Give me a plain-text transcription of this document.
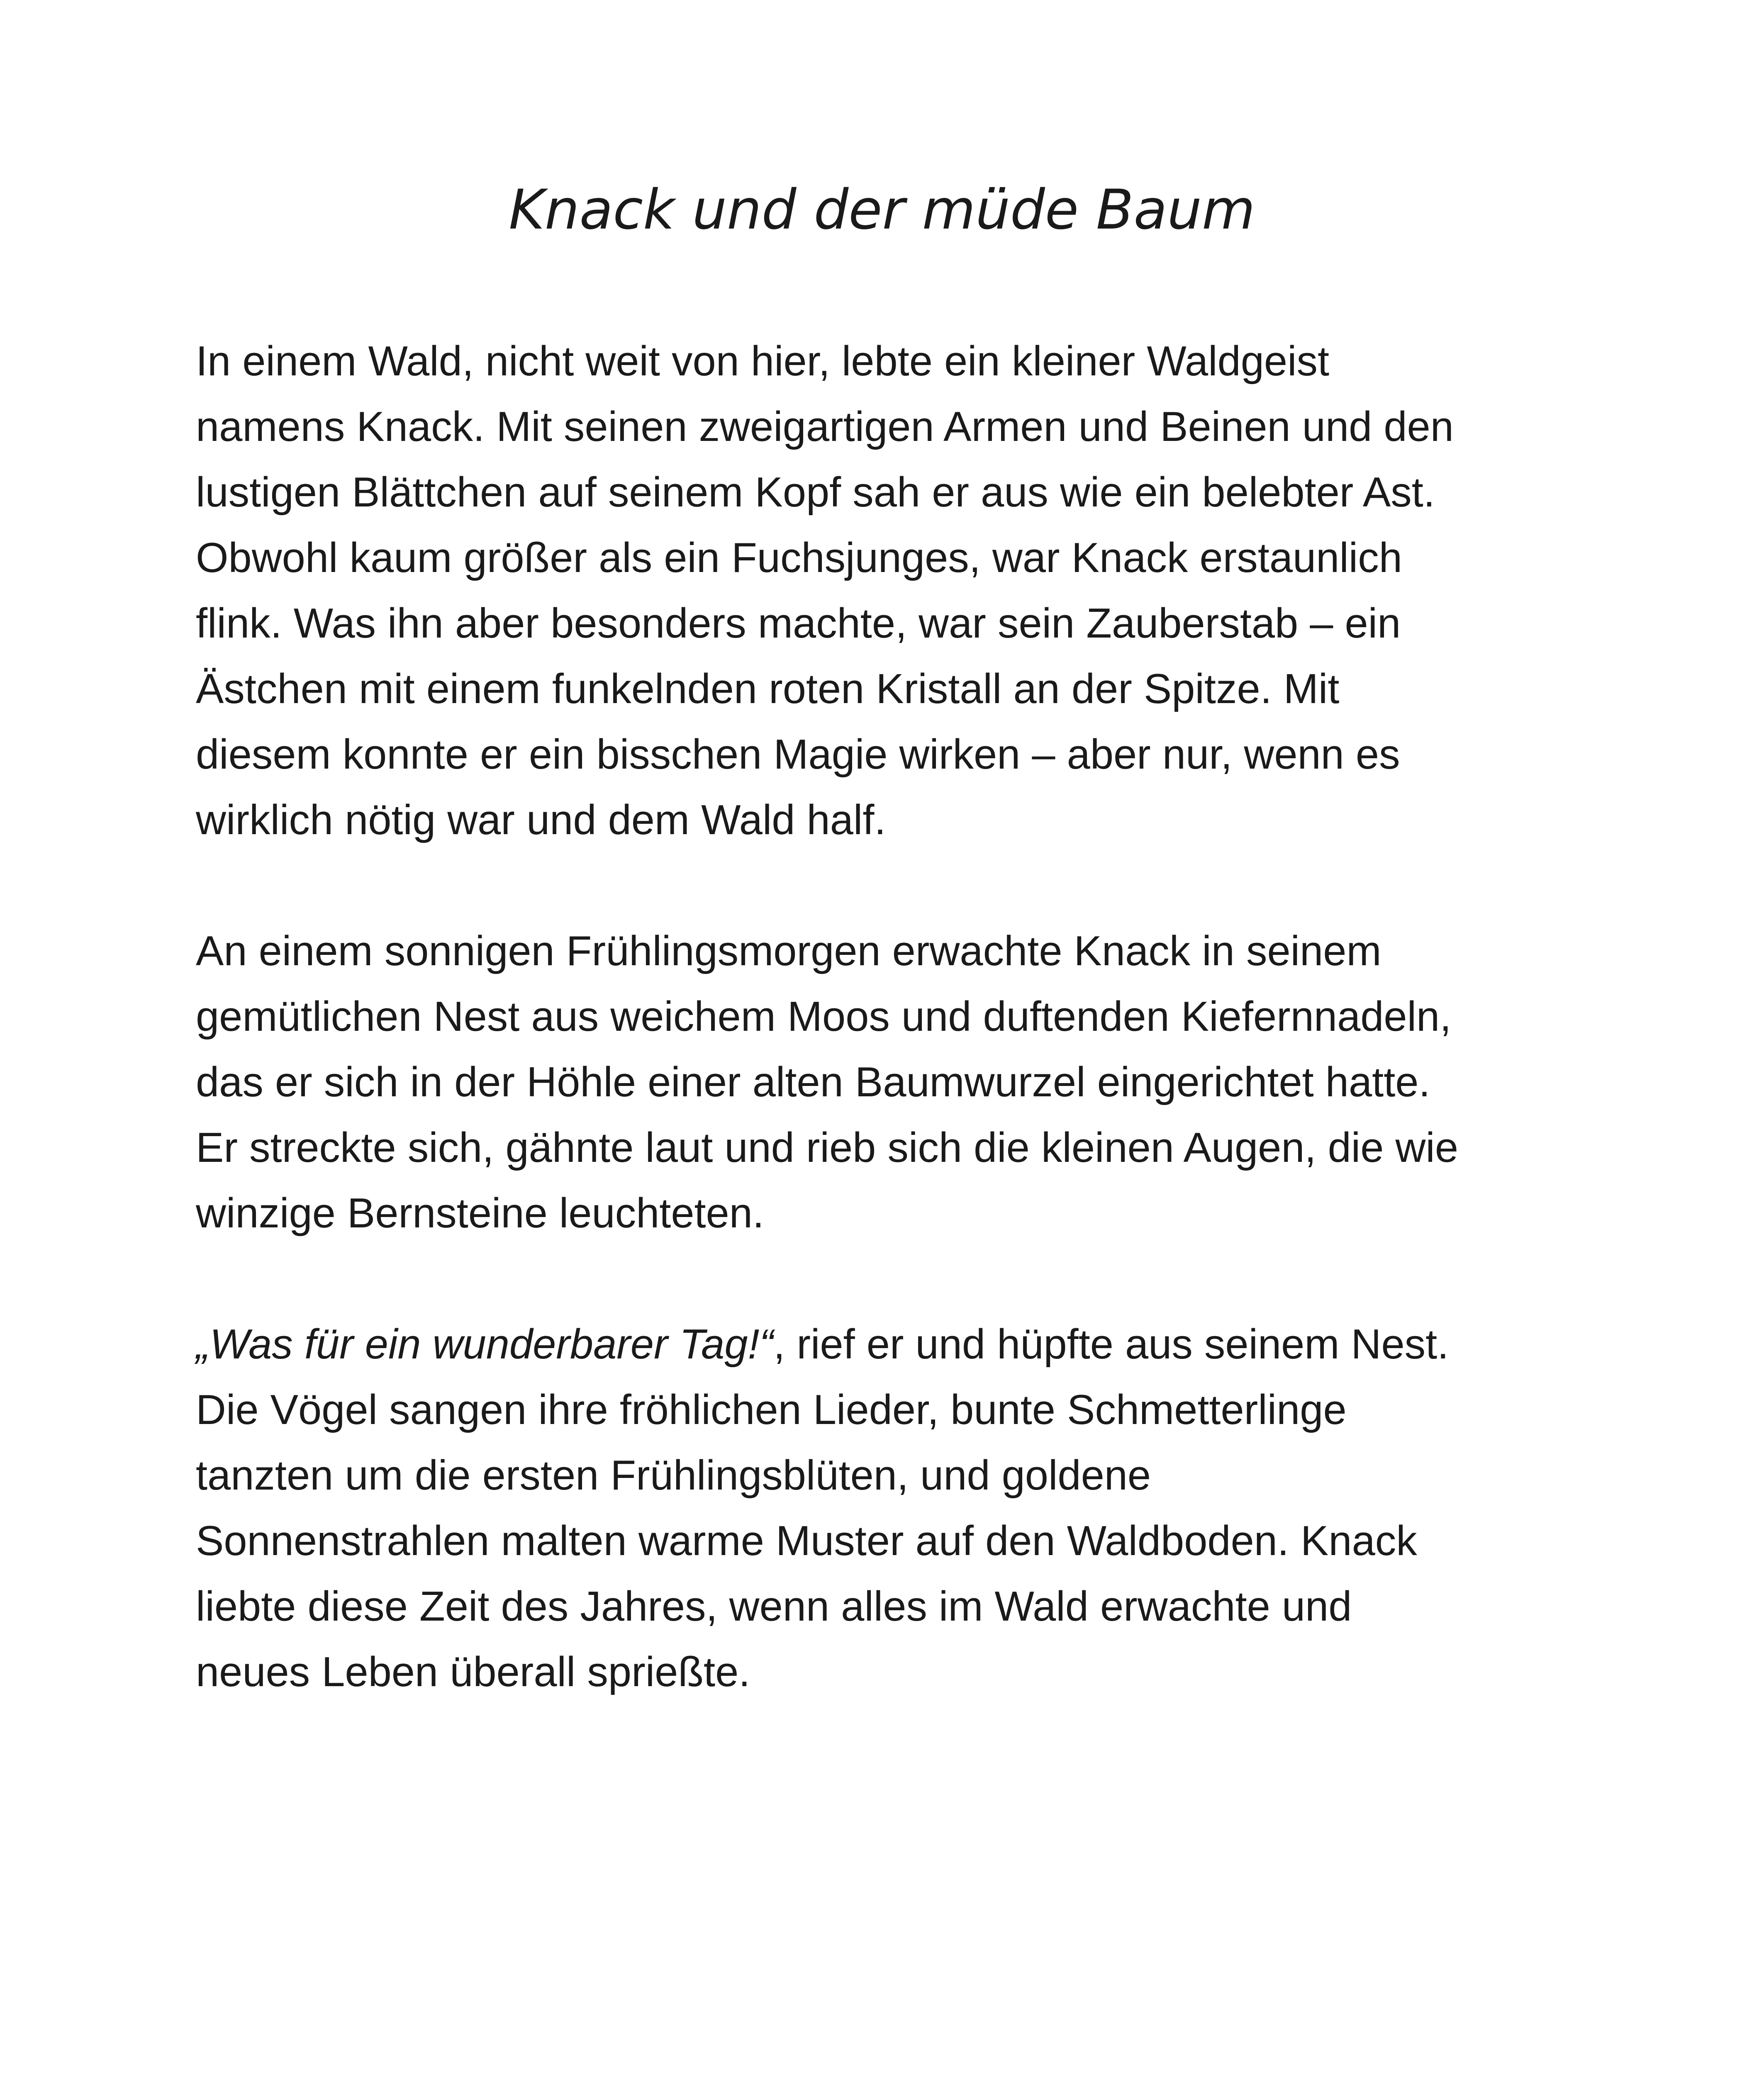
Knack und der müde Baum

In einem Wald, nicht weit von hier, lebte ein kleiner Waldgeist
namens Knack. Mit seinen zweigartigen Armen und Beinen und den
lustigen Blättchen auf seinem Kopf sah er aus wie ein belebter Ast.
Obwohl kaum größer als ein Fuchsjunges, war Knack erstaunlich
flink. Was ihn aber besonders machte, war sein Zauberstab – ein
Ästchen mit einem funkelnden roten Kristall an der Spitze. Mit
diesem konnte er ein bisschen Magie wirken – aber nur, wenn es
wirklich nötig war und dem Wald half.

An einem sonnigen Frühlingsmorgen erwachte Knack in seinem
gemütlichen Nest aus weichem Moos und duftenden Kiefernnadeln,
das er sich in der Höhle einer alten Baumwurzel eingerichtet hatte.
Er streckte sich, gähnte laut und rieb sich die kleinen Augen, die wie
winzige Bernsteine leuchteten.

„Was für ein wunderbarer Tag!“, rief er und hüpfte aus seinem Nest.
Die Vögel sangen ihre fröhlichen Lieder, bunte Schmetterlinge
tanzten um die ersten Frühlingsblüten, und goldene
Sonnenstrahlen malten warme Muster auf den Waldboden. Knack
liebte diese Zeit des Jahres, wenn alles im Wald erwachte und
neues Leben überall sprießte.
